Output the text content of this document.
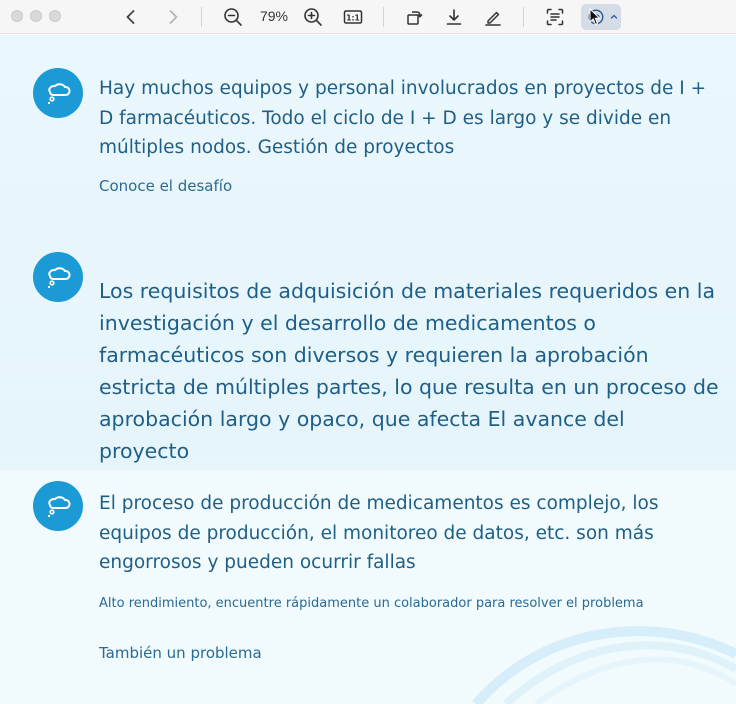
79%	1:1
Hay muchos equipos y personal involucrados en proyectos de I + D farmacéuticos. Todo el ciclo de I + D es largo y se divide en múltiples nodos. Gestión de proyectos
Conoce el desafío
Los requisitos de adquisición de materiales requeridos en la investigación y el desarrollo de medicamentos o farmacéuticos son diversos y requieren la aprobación estricta de múltiples partes, lo que resulta en un proceso de aprobación largo y opaco, que afecta El avance del proyecto
El proceso de producción de medicamentos es complejo, los equipos de producción, el monitoreo de datos, etc. son más engorrosos y pueden ocurrir fallas
Alto rendimiento, encuentre rápidamente un colaborador para resolver el problema
También un problema
